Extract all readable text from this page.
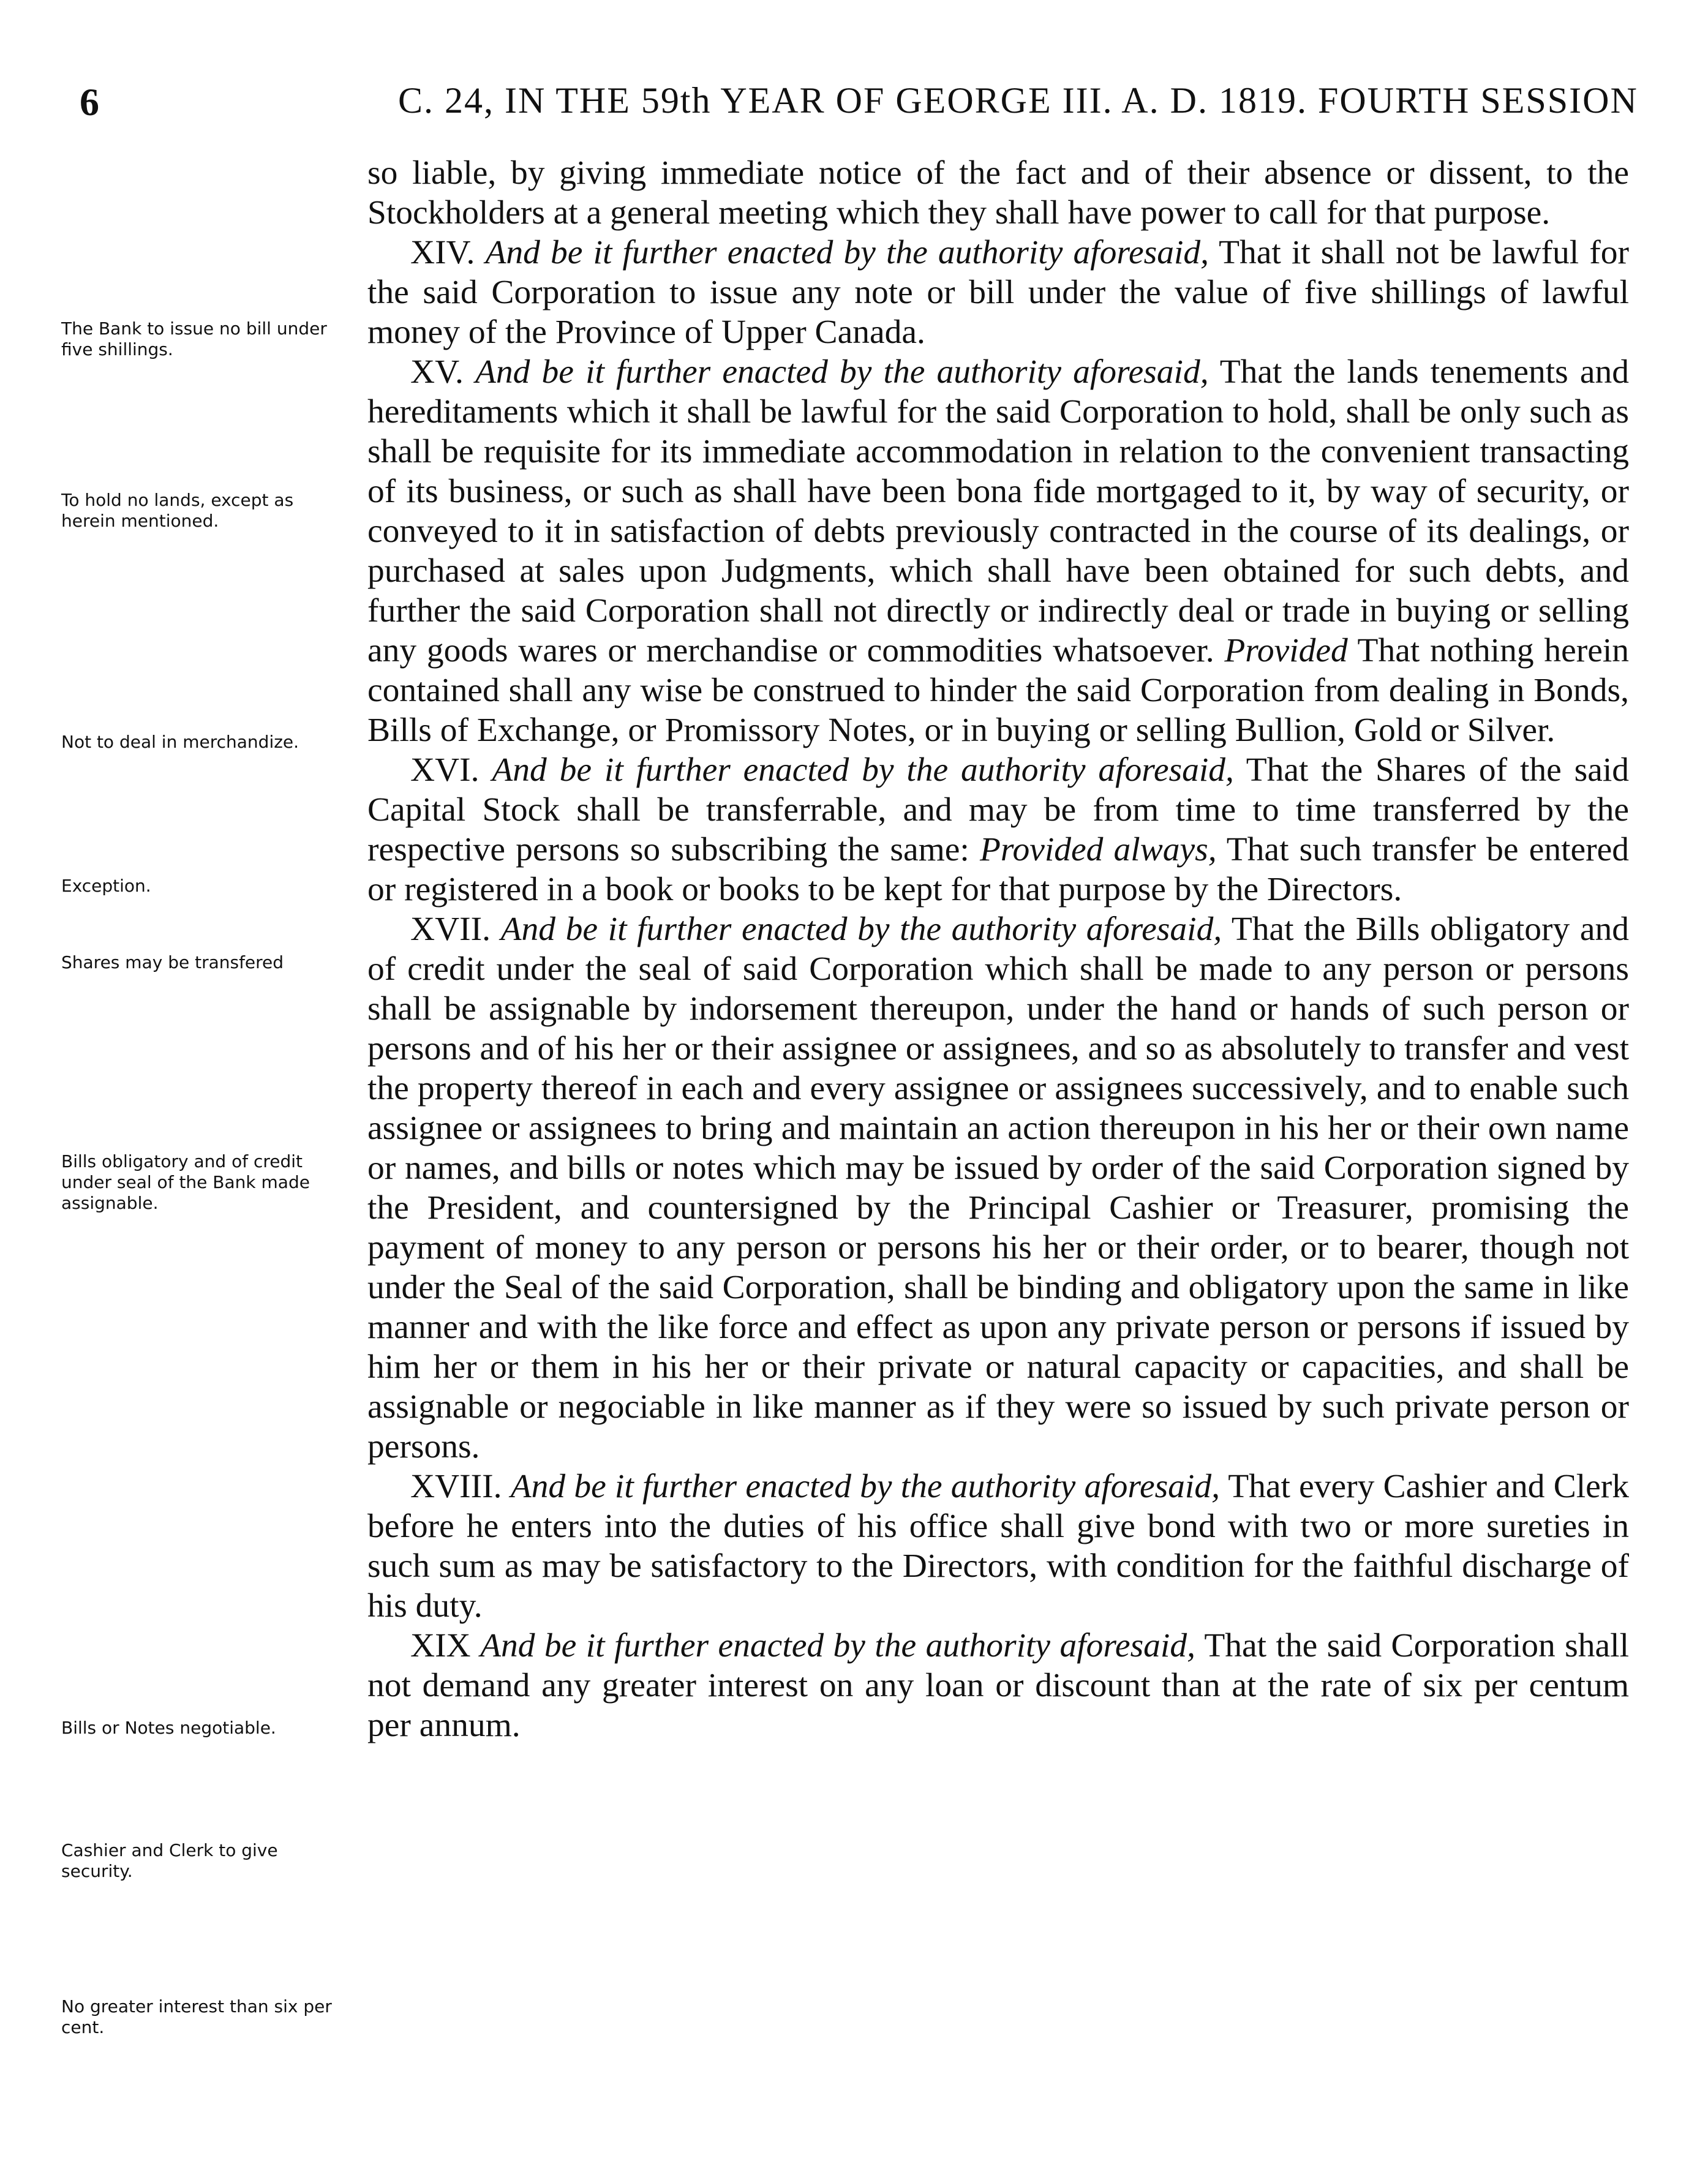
6	C. 24, IN THE 59th YEAR OF GEORGE III. A. D. 1819. FOURTH SESSION
The Bank to issue no bill under five shillings.
To hold no lands, except as herein mentioned.
Not to deal in merchandize.
Exception.
Shares may be transfered
Bills obligatory and of credit under seal of the Bank made assignable.
Bills or Notes negotiable.
Cashier and Clerk to give security.
No greater interest than six per cent.

so liable, by giving immediate notice of the fact and of their absence or dissent, to the Stockholders at a general meeting which they shall have power to call for that purpose.

XIV. And be it further enacted by the authority aforesaid, That it shall not be lawful for the said Corporation to issue any note or bill under the value of five shillings of lawful money of the Province of Upper Canada.

XV. And be it further enacted by the authority aforesaid, That the lands tenements and hereditaments which it shall be lawful for the said Corporation to hold, shall be only such as shall be requisite for its immediate accommodation in relation to the convenient transacting of its business, or such as shall have been bona fide mortgaged to it, by way of security, or conveyed to it in satisfaction of debts previously contracted in the course of its dealings, or purchased at sales upon Judgments, which shall have been obtained for such debts, and further the said Corporation shall not directly or indirectly deal or trade in buying or selling any goods wares or merchandise or commodities whatsoever. Provided That nothing herein contained shall any wise be construed to hinder the said Corporation from dealing in Bonds, Bills of Exchange, or Promissory Notes, or in buying or selling Bullion, Gold or Silver.

XVI. And be it further enacted by the authority aforesaid, That the Shares of the said Capital Stock shall be transferrable, and may be from time to time transferred by the respective persons so subscribing the same: Provided always, That such transfer be entered or registered in a book or books to be kept for that purpose by the Directors.

XVII. And be it further enacted by the authority aforesaid, That the Bills obligatory and of credit under the seal of said Corporation which shall be made to any person or persons shall be assignable by indorsement thereupon, under the hand or hands of such person or persons and of his her or their assignee or assignees, and so as absolutely to transfer and vest the property thereof in each and every assignee or assignees successively, and to enable such assignee or assignees to bring and maintain an action thereupon in his her or their own name or names, and bills or notes which may be issued by order of the said Corporation signed by the President, and countersigned by the Principal Cashier or Treasurer, promising the payment of money to any person or persons his her or their order, or to bearer, though not under the Seal of the said Corporation, shall be binding and obligatory upon the same in like manner and with the like force and effect as upon any private person or persons if issued by him her or them in his her or their private or natural capacity or capacities, and shall be assignable or negociable in like manner as if they were so issued by such private person or persons.

XVIII. And be it further enacted by the authority aforesaid, That every Cashier and Clerk before he enters into the duties of his office shall give bond with two or more sureties in such sum as may be satisfactory to the Directors, with condition for the faithful discharge of his duty.

XIX And be it further enacted by the authority aforesaid, That the said Corporation shall not demand any greater interest on any loan or discount than at the rate of six per centum per annum.
